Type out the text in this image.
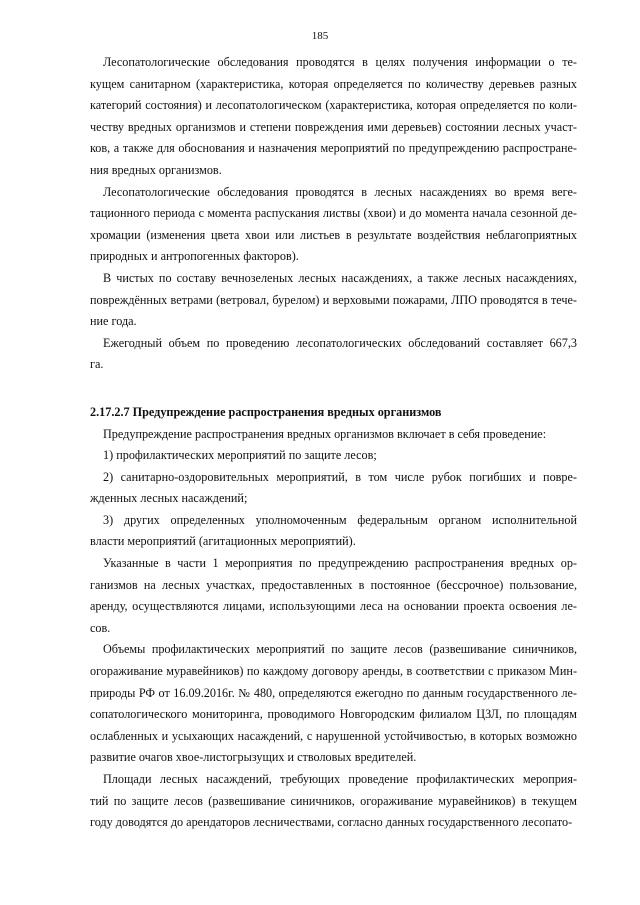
185

Лесопатологические обследования проводятся в целях получения информации о те-
кущем санитарном (характеристика, которая определяется по количеству деревьев разных
категорий состояния) и лесопатологическом (характеристика, которая определяется по коли-
честву вредных организмов и степени повреждения ими деревьев) состоянии лесных участ-
ков, а также для обоснования и назначения мероприятий по предупреждению распростране-
ния вредных организмов.

Лесопатологические обследования проводятся в лесных насаждениях во время веге-
тационного периода с момента распускания листвы (хвои) и до момента начала сезонной де-
хромации (изменения цвета хвои или листьев в результате воздействия неблагоприятных
природных и антропогенных факторов).

В чистых по составу вечнозеленых лесных насаждениях, а также лесных насаждениях,
повреждённых ветрами (ветровал, бурелом) и верховыми пожарами, ЛПО проводятся в тече-
ние года.

Ежегодный объем по проведению лесопатологических обследований составляет 667,3
га.

2.17.2.7 Предупреждение распространения вредных организмов

Предупреждение распространения вредных организмов включает в себя проведение:

1) профилактических мероприятий по защите лесов;

2) санитарно-оздоровительных мероприятий, в том числе рубок погибших и повре-
жденных лесных насаждений;

3) других определенных уполномоченным федеральным органом исполнительной
власти мероприятий (агитационных мероприятий).

Указанные в части 1 мероприятия по предупреждению распространения вредных ор-
ганизмов на лесных участках, предоставленных в постоянное (бессрочное) пользование,
аренду, осуществляются лицами, использующими леса на основании проекта освоения ле-
сов.

Объемы профилактических мероприятий по защите лесов (развешивание синичников,
огораживание муравейников) по каждому договору аренды, в соответствии с приказом Мин-
природы РФ от 16.09.2016г. № 480, определяются ежегодно по данным государственного ле-
сопатологического мониторинга, проводимого Новгородским филиалом ЦЗЛ, по площадям
ослабленных и усыхающих насаждений, с нарушенной устойчивостью, в которых возможно
развитие очагов хвое-листогрызущих и стволовых вредителей.

Площади лесных насаждений, требующих проведение профилактических мероприя-
тий по защите лесов (развешивание синичников, огораживание муравейников) в текущем
году доводятся до арендаторов лесничествами, согласно данных государственного лесопато-
